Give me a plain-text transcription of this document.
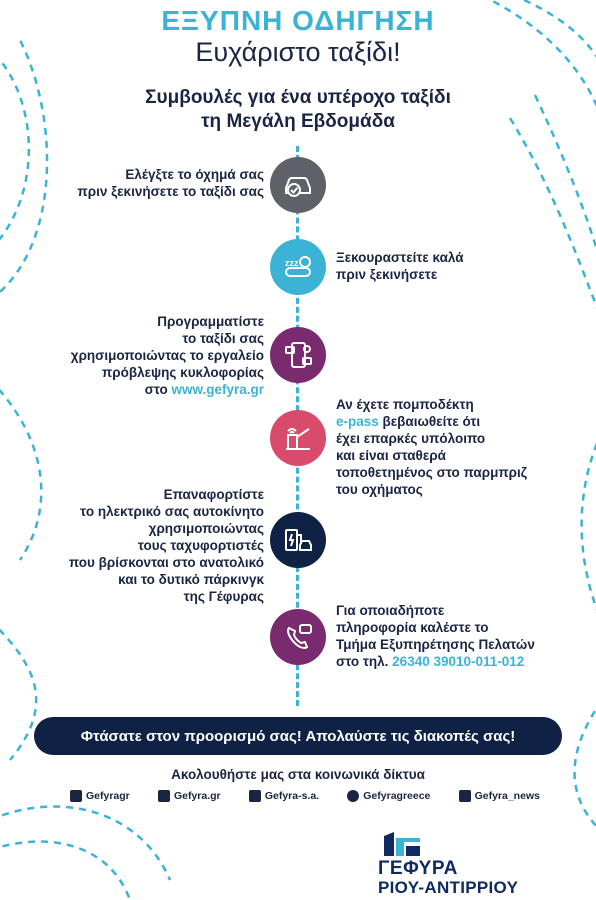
ΕΞΥΠΝΗ ΟΔΗΓΗΣΗ
Ευχάριστο ταξίδι!
Συμβουλές για ένα υπέροχο ταξίδι
τη Μεγάλη Εβδομάδα
Ελέγξτε το όχημά σας
πριν ξεκινήσετε το ταξίδι σας
zzz	Ξεκουραστείτε καλά
πριν ξεκινήσετε
Προγραμματίστε
το ταξίδι σας
χρησιμοποιώντας το εργαλείο
πρόβλεψης κυκλοφορίας
στο www.gefyra.gr
Αν έχετε πομποδέκτη
e-pass βεβαιωθείτε ότι
έχει επαρκές υπόλοιπο
και είναι σταθερά
τοποθετημένος στο παρμπριζ
του οχήματος
Επαναφορτίστε
το ηλεκτρικό σας αυτοκίνητο
χρησιμοποιώντας
τους ταχυφορτιστές
που βρίσκονται στο ανατολικό
και το δυτικό πάρκινγκ
της Γέφυρας
Για οποιαδήποτε
πληροφορία καλέστε το
Τμήμα Εξυπηρέτησης Πελατών
στο τηλ. 26340 39010-011-012
Φτάσατε στον προορισμό σας! Απολαύστε τις διακοπές σας!
Ακολουθήστε μας στα κοινωνικά δίκτυα
Gefyragr	Gefyra.gr	Gefyra-s.a.	Gefyragreece	Gefyra_news
ΓΕΦΥΡΑ
ΡΙΟΥ-ΑΝΤΙΡΡΙΟΥ
